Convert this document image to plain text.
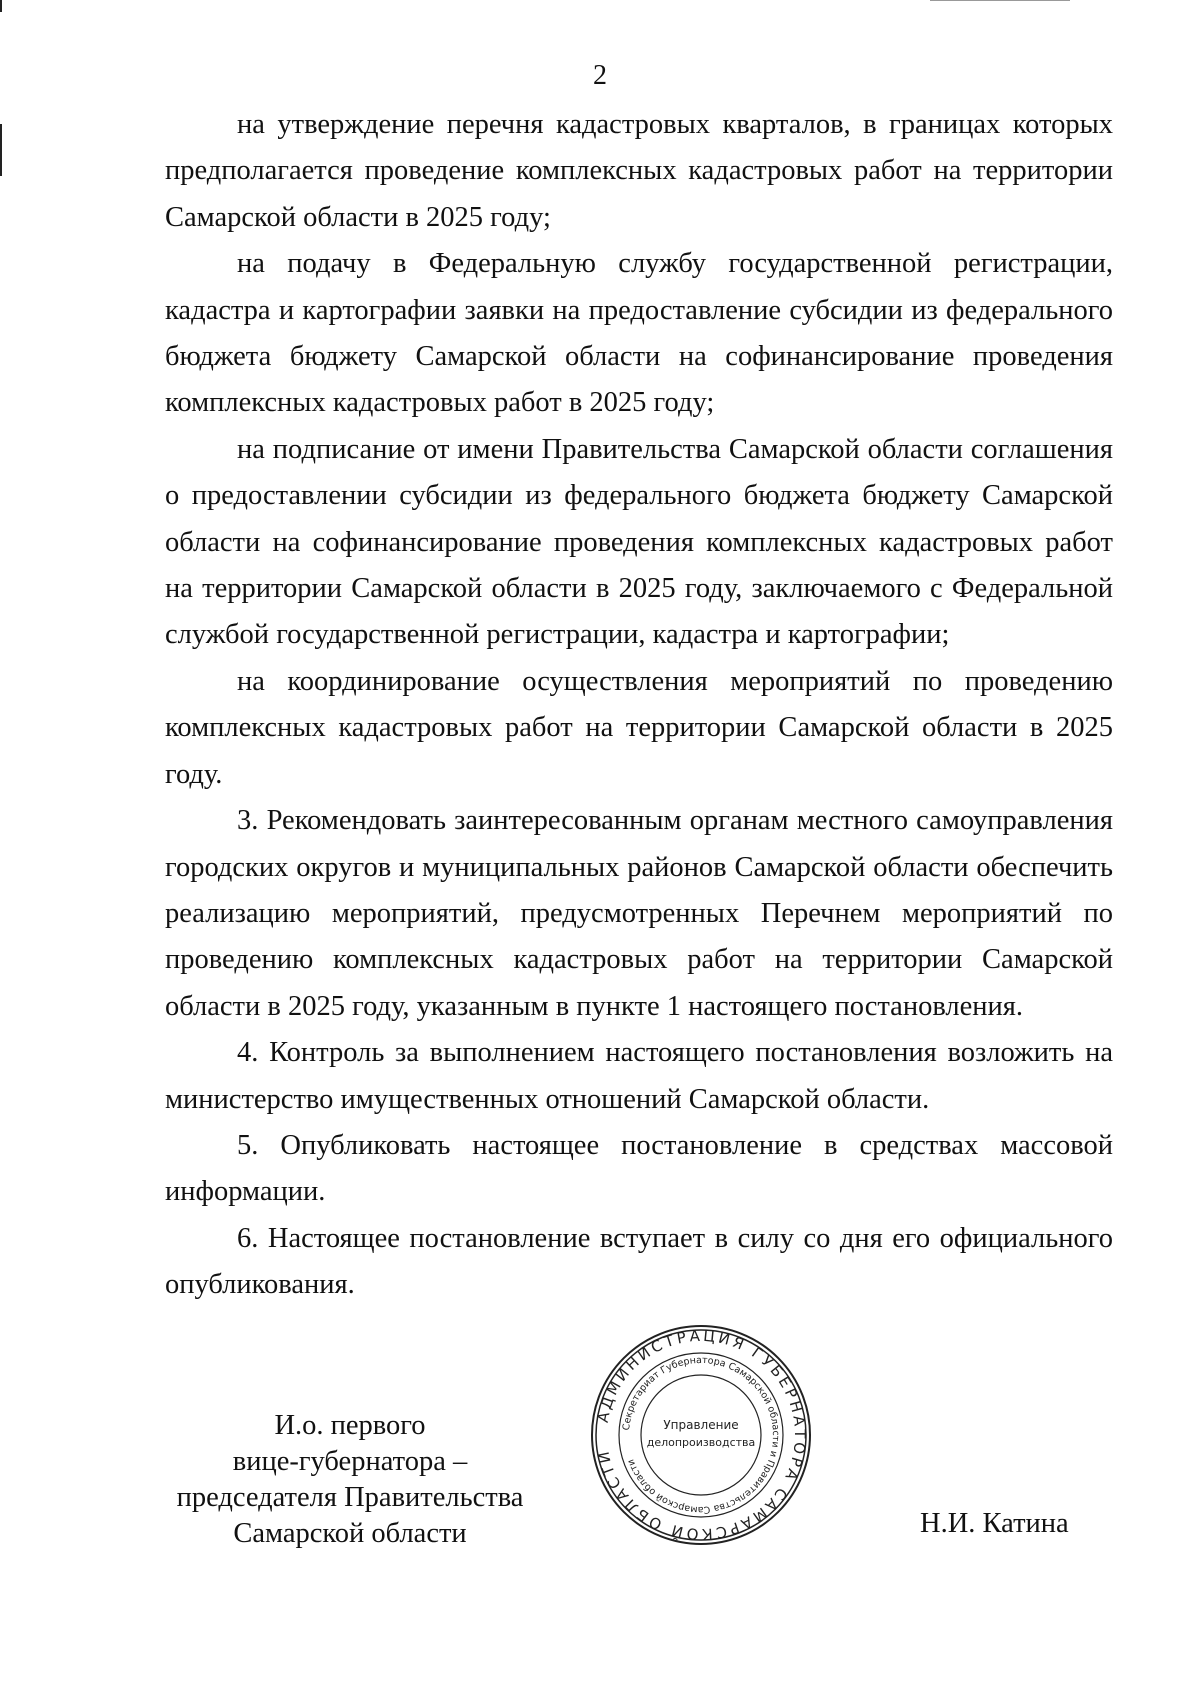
2

на утверждение перечня кадастровых кварталов, в границах которых предполагается проведение комплексных кадастровых работ на территории Самарской области в 2025 году;

на подачу в Федеральную службу государственной регистрации, кадастра и картографии заявки на предоставление субсидии из федерального бюджета бюджету Самарской области на софинансирование проведения комплексных кадастровых работ в 2025 году;

на подписание от имени Правительства Самарской области соглашения о предоставлении субсидии из федерального бюджета бюджету Самарской области на софинансирование проведения комплексных кадастровых работ на территории Самарской области в 2025 году, заключаемого с Федеральной службой государственной регистрации, кадастра и картографии;

на координирование осуществления мероприятий по проведению комплексных кадастровых работ на территории Самарской области в 2025 году.

3. Рекомендовать заинтересованным органам местного самоуправления городских округов и муниципальных районов Самарской области обеспечить реализацию мероприятий, предусмотренных Перечнем мероприятий по проведению комплексных кадастровых работ на территории Самарской области в 2025 году, указанным в пункте 1 настоящего постановления.

4. Контроль за выполнением настоящего постановления возложить на министерство имущественных отношений Самарской области.

5. Опубликовать настоящее постановление в средствах массовой информации.

6. Настоящее постановление вступает в силу со дня его официального опубликования.

И.о. первого
вице-губернатора –
председателя Правительства
Самарской области	Н.И. Катина
АДМИНИСТРАЦИЯ ГУБЕРНАТОРА САМАРСКОЙ ОБЛАСТИ
Секретариат Губернатора Самарской области и Правительства Самарской области
Управление
делопроизводства
